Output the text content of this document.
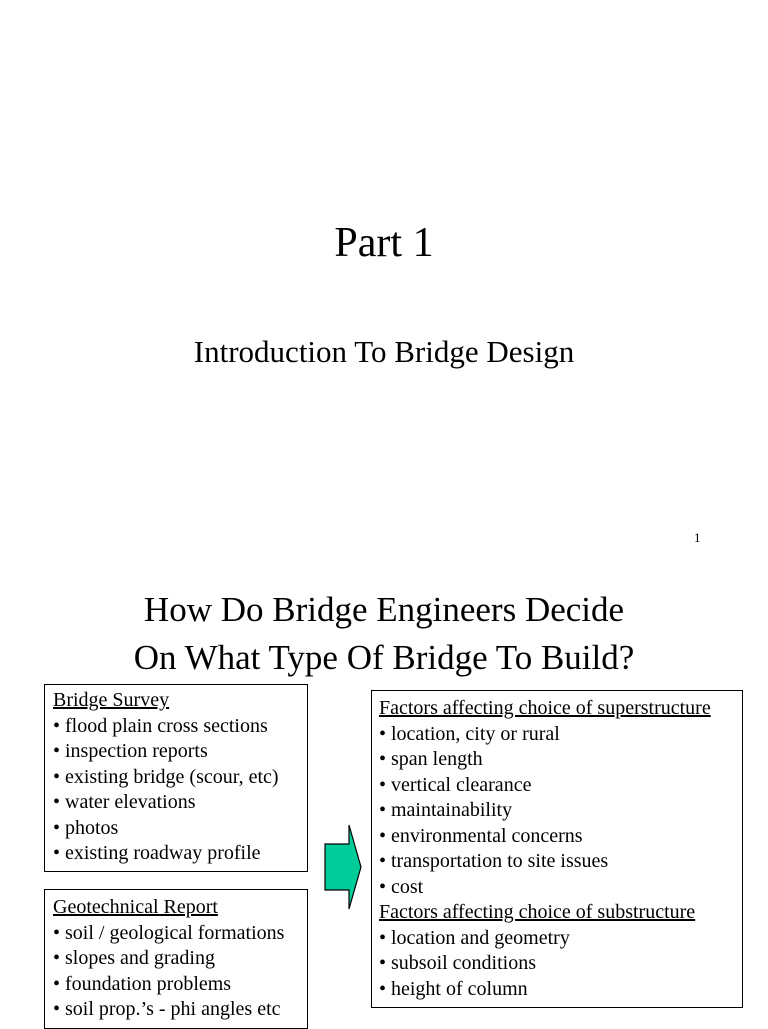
Part 1
Introduction To Bridge Design
1
How Do Bridge Engineers Decide
On What Type Of Bridge To Build?
Bridge Survey
• flood plain cross sections
• inspection reports
• existing bridge (scour, etc)
• water elevations
• photos
• existing roadway profile
Geotechnical Report
• soil / geological formations
• slopes and grading
• foundation problems
• soil prop.’s - phi angles etc
Factors affecting choice of superstructure
• location, city or rural
• span length
• vertical clearance
• maintainability
• environmental concerns
• transportation to site issues
• cost
Factors affecting choice of substructure
• location and geometry
• subsoil conditions
• height of column
